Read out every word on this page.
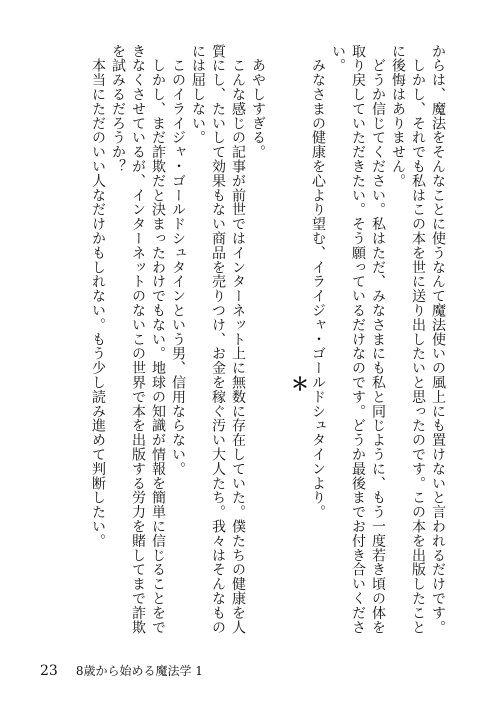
からは、魔法をそんなことに使うなんて魔法使いの風上にも置けないと言われるだけです。
　しかし、それでも私はこの本を世に送り出したいと思ったのです。この本を出版したことに後悔はありません。
　どうか信じてください。私はただ、みなさまにも私と同じように、もう一度若き頃の体を取り戻していただきたい。そう願っているだけなのです。どうか最後までお付き合いください。
　みなさまの健康を心より望む、イライジャ・ゴールドシュタインより。

＊

　あやしすぎる。
　こんな感じの記事が前世ではインターネット上に無数に存在していた。僕たちの健康を人質にし、たいして効果もない商品を売りつけ、お金を稼ぐ汚い大人たち。我々はそんなものには屈しない。
　このイライジャ・ゴールドシュタインという男、信用ならない。
　しかし、まだ詐欺だと決まったわけでもない。地球の知識が情報を簡単に信じることをできなくさせているが、インターネットのないこの世界で本を出版する労力を賭してまで詐欺を試みるだろうか？
　本当にただのいい人なだけかもしれない。もう少し読み進めて判断したい。

23 8歳から始める魔法学 1
